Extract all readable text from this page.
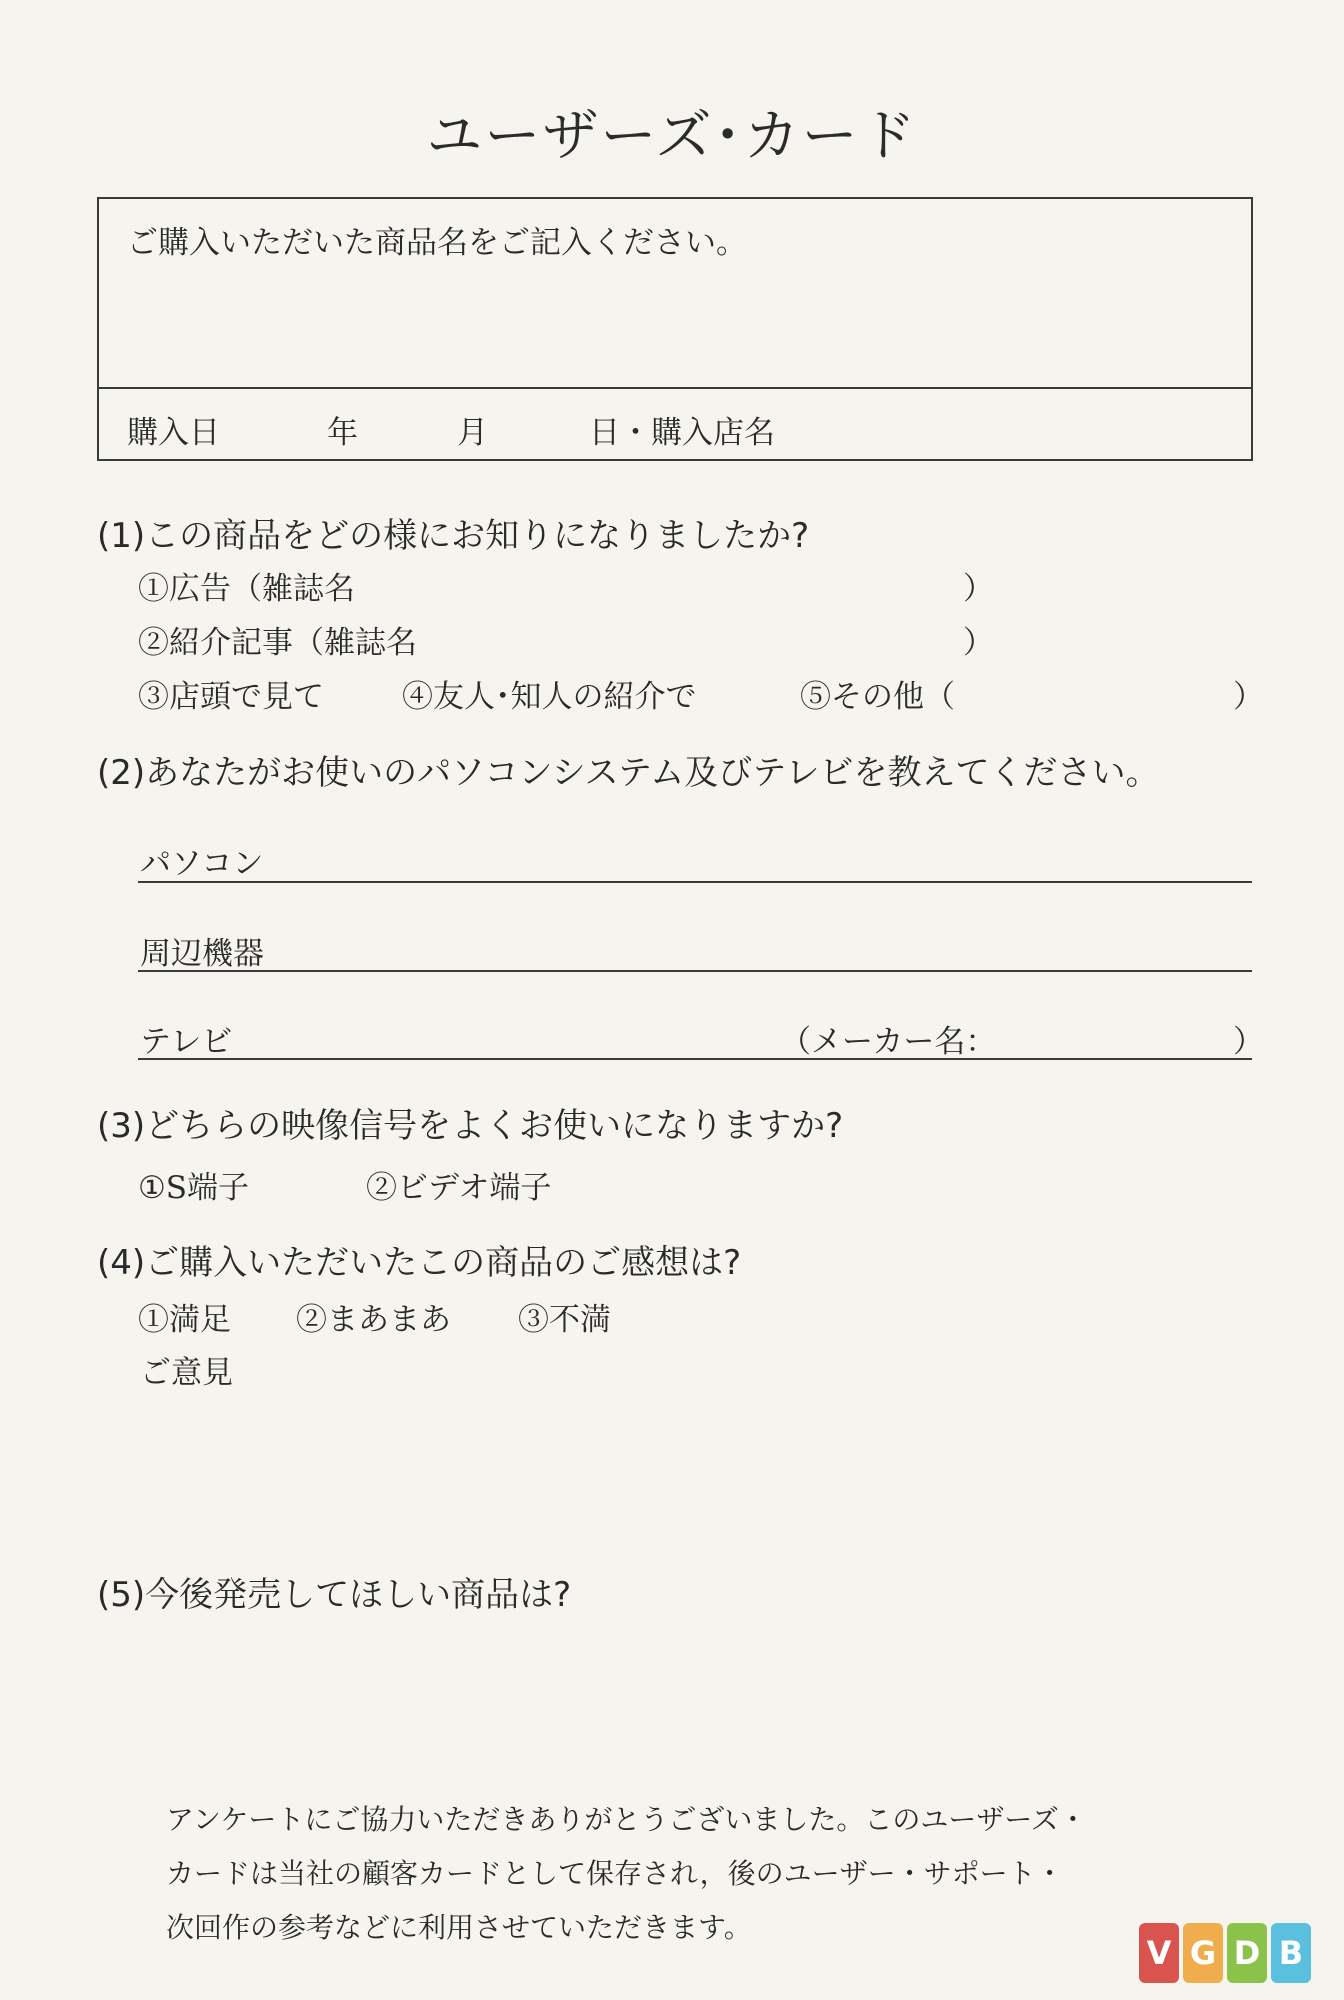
ユーザーズ･カード
ご購入いただいた商品名をご記入ください。
購入日	年	月	日・購入店名
(1)この商品をどの様にお知りになりましたか?
①広告（雑誌名	）
②紹介記事（雑誌名	）
③店頭で見て	④友人･知人の紹介で	⑤その他（	）
(2)あなたがお使いのパソコンシステム及びテレビを教えてください。
パソコン
周辺機器
テレビ	（メーカー名：	）
(3)どちらの映像信号をよくお使いになりますか?
①S端子	②ビデオ端子
(4)ご購入いただいたこの商品のご感想は?
①満足 ②まあまあ ③不満
ご意見
(5)今後発売してほしい商品は?
アンケートにご協力いただきありがとうございました。このユーザーズ・
カードは当社の顧客カードとして保存され，後のユーザー・サポート・
次回作の参考などに利用させていただきます。
V G D B
